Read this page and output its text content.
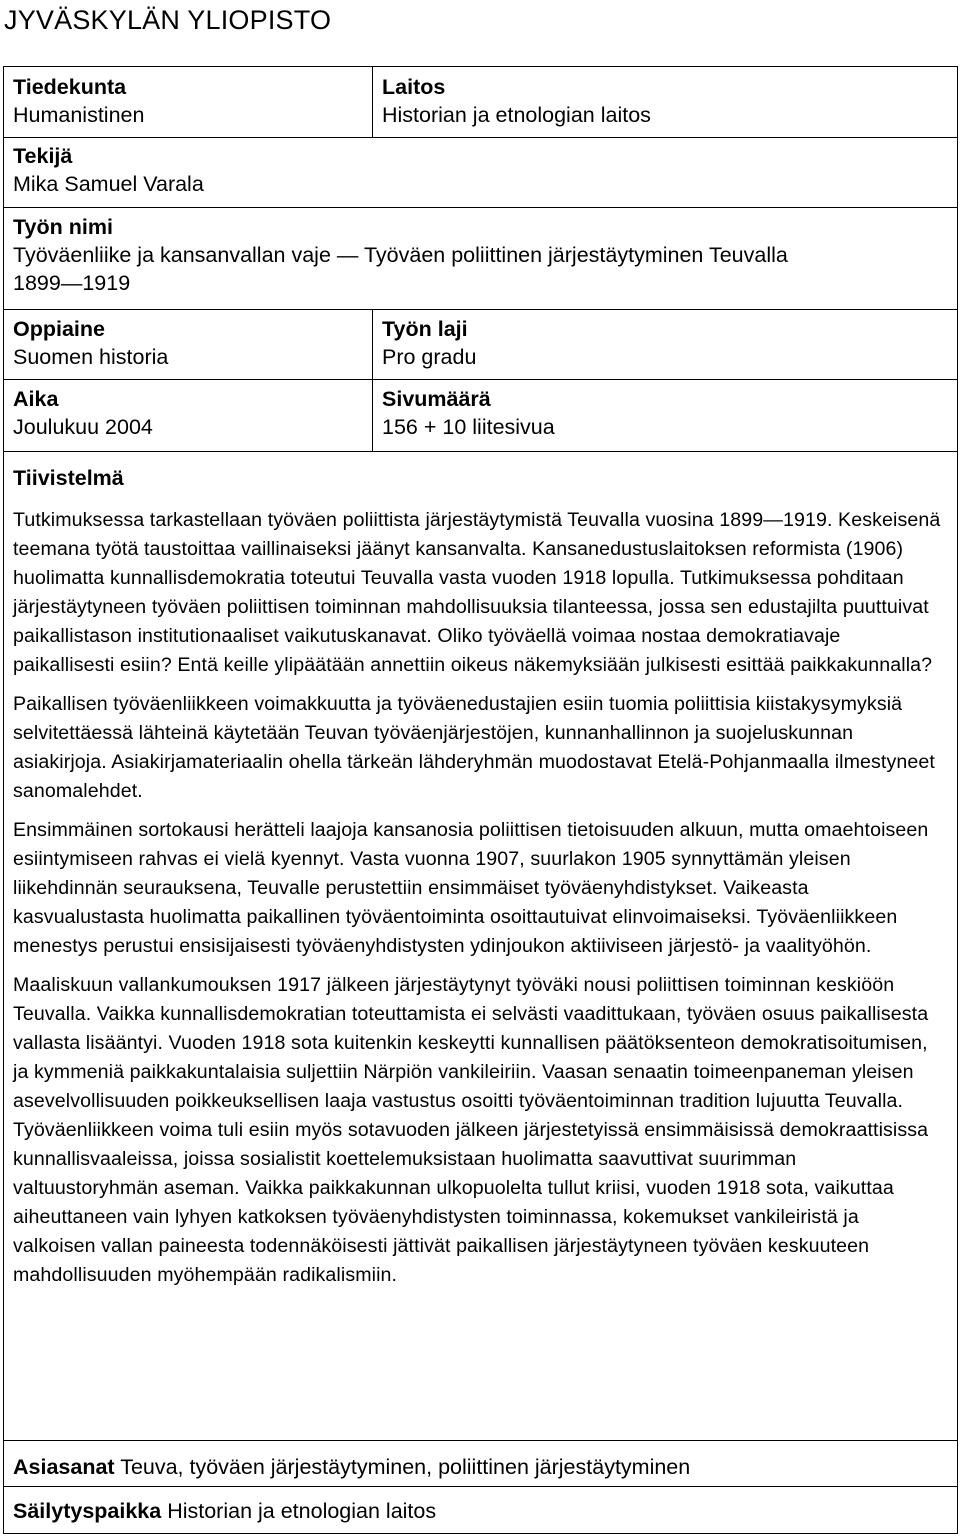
JYVÄSKYLÄN YLIOPISTO
Tiedekunta
Humanistinen
Laitos
Historian ja etnologian laitos
Tekijä
Mika Samuel Varala
Työn nimi
Työväenliike ja kansanvallan vaje — Työväen poliittinen järjestäytyminen Teuvalla
1899—1919
Oppiaine
Suomen historia
Työn laji
Pro gradu
Aika
Joulukuu 2004
Sivumäärä
156 + 10 liitesivua
Tiivistelmä

Tutkimuksessa tarkastellaan työväen poliittista järjestäytymistä Teuvalla vuosina 1899—1919. Keskeisenä teemana työtä taustoittaa vaillinaiseksi jäänyt kansanvalta. Kansanedustuslaitoksen reformista (1906) huolimatta kunnallisdemokratia toteutui Teuvalla vasta vuoden 1918 lopulla. Tutkimuksessa pohditaan järjestäytyneen työväen poliittisen toiminnan mahdollisuuksia tilanteessa, jossa sen edustajilta puuttuivat paikallistason institutionaaliset vaikutuskanavat. Oliko työväellä voimaa nostaa demokratiavaje paikallisesti esiin? Entä keille ylipäätään annettiin oikeus näkemyksiään julkisesti esittää paikkakunnalla?

Paikallisen työväenliikkeen voimakkuutta ja työväenedustajien esiin tuomia poliittisia kiistakysymyksiä selvitettäessä lähteinä käytetään Teuvan työväenjärjestöjen, kunnanhallinnon ja suojeluskunnan asiakirjoja. Asiakirjamateriaalin ohella tärkeän lähderyhmän muodostavat Etelä-Pohjanmaalla ilmestyneet sanomalehdet.

Ensimmäinen sortokausi herätteli laajoja kansanosia poliittisen tietoisuuden alkuun, mutta omaehtoiseen esiintymiseen rahvas ei vielä kyennyt. Vasta vuonna 1907, suurlakon 1905 synnyttämän yleisen liikehdinnän seurauksena, Teuvalle perustettiin ensimmäiset työväenyhdistykset. Vaikeasta kasvualustasta huolimatta paikallinen työväentoiminta osoittautuivat elinvoimaiseksi. Työväenliikkeen menestys perustui ensisijaisesti työväenyhdistysten ydinjoukon aktiiviseen järjestö- ja vaalityöhön.

Maaliskuun vallankumouksen 1917 jälkeen järjestäytynyt työväki nousi poliittisen toiminnan keskiöön Teuvalla. Vaikka kunnallisdemokratian toteuttamista ei selvästi vaadittukaan, työväen osuus paikallisesta vallasta lisääntyi. Vuoden 1918 sota kuitenkin keskeytti kunnallisen päätöksenteon demokratisoitumisen, ja kymmeniä paikkakuntalaisia suljettiin Närpiön vankileiriin. Vaasan senaatin toimeenpaneman yleisen asevelvollisuuden poikkeuksellisen laaja vastustus osoitti työväentoiminnan tradition lujuutta Teuvalla. Työväenliikkeen voima tuli esiin myös sotavuoden jälkeen järjestetyissä ensimmäisissä demokraattisissa kunnallisvaaleissa, joissa sosialistit koettelemuksistaan huolimatta saavuttivat suurimman valtuustoryhmän aseman. Vaikka paikkakunnan ulkopuolelta tullut kriisi, vuoden 1918 sota, vaikuttaa aiheuttaneen vain lyhyen katkoksen työväenyhdistysten toiminnassa, kokemukset vankileiristä ja valkoisen vallan paineesta todennäköisesti jättivät paikallisen järjestäytyneen työväen keskuuteen mahdollisuuden myöhempään radikalismiin.

Asiasanat Teuva, työväen järjestäytyminen, poliittinen järjestäytyminen
Säilytyspaikka Historian ja etnologian laitos
